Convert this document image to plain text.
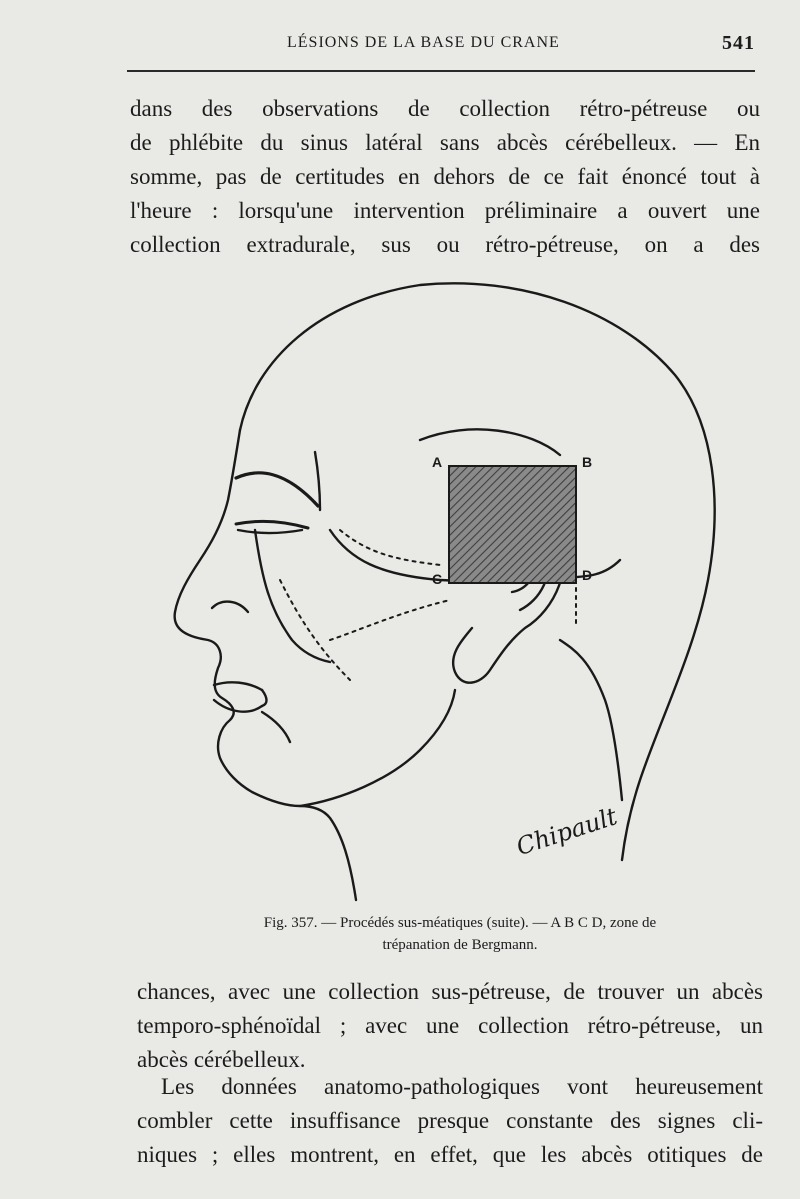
LÉSIONS DE LA BASE DU CRANE	541
dans des observations de collection rétro-pétreuse ou
de phlébite du sinus latéral sans abcès cérébelleux. — En
somme, pas de certitudes en dehors de ce fait énoncé tout à
l'heure : lorsqu'une intervention préliminaire a ouvert une
collection extradurale, sus ou rétro-pétreuse, on a des
A	B
C	D
Chipault
Fig. 357. — Procédés sus-méatiques (suite). — A B C D, zone de
trépanation de Bergmann.
chances, avec une collection sus-pétreuse, de trouver un abcès
temporo-sphénoïdal ; avec une collection rétro-pétreuse, un
abcès cérébelleux.
Les données anatomo-pathologiques vont heureusement
combler cette insuffisance presque constante des signes cli-
niques ; elles montrent, en effet, que les abcès otitiques de
